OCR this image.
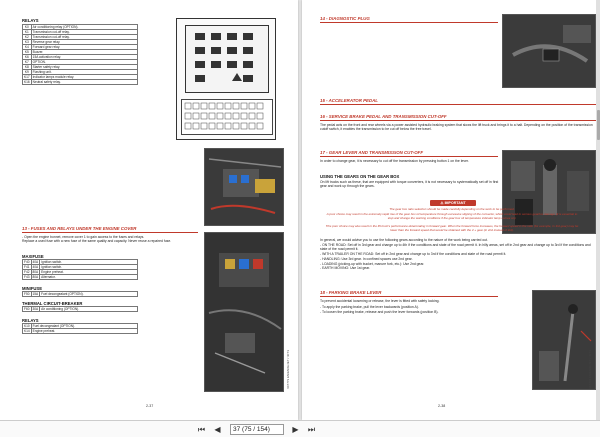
RELAYS
K0	Air conditioning relay (OPTION).
K1	Transmission cut-off relay.
K2	Transmission cut-off relay.
K3	Reverse gear relay.
K4	Forward gear relay.
K5	Buzzer.
K6	15A activation relay.
K7	OPTION.
K8	Starter safety relay.
K9	Flashing unit.
K17	Indicator lamps module relay.
K16	Neutral safety relay.
13 - FUSES AND RELAYS UNDER THE ENGINE COVER
- Open the engine bonnet, remove cover 1 to gain access to the fuses and relays.
Replace a used fuse with a new fuse of the same quality and capacity. Never reuse a repaired fuse.
MAXIFUSE
F40	40A	Ignition switch.
F41	40A	Ignition switch.
F42	80A	Engine preheat.
F43	80A	Alternator.
MINIFUSE
F50	15A	Fuel decongealant (OPTION).
THERMAL CIRCUIT-BREAKER
F60	30A	Air conditioning (OPTION).
RELAYS
K10	Fuel decongealant (OPTION).
K14	Engine preheat.
2-37
647773 EN/EN/G/JET / 4FT3
14 - DIAGNOSTIC PLUG
15 - ACCELERATOR PEDAL
16 - SERVICE BRAKE PEDAL AND TRANSMISSION CUT-OFF
The pedal acts on the front and rear wheels via a power assisted hydraulic braking system that slows the lift truck and brings it to a halt. Depending on the position of the transmission cutoff switch, it enables the transmission to be cut off below the free travel.
17 - GEAR LEVER AND TRANSMISSION CUT-OFF
In order to change gear, it is necessary to cut off the transmission by pressing button 1 on the lever.
USING THE GEARS ON THE GEAR BOX
On lift trucks such as these, that are equipped with torque converters, it is not necessary to systematically set off in first gear and work up through the gears.
⚠ IMPORTANT
The gear box ratio selection should be made carefully depending on the work to be performed.
A poor choice may result in the extremely rapid rise of the gear box oil temperature through excessive slipping of the converter, which could lead to serious gearbox damage (it is essential to stop and change the working conditions if the gear box oil temperature indicator lamp comes on).
This poor choice may also result in the lift truck's performance deteriorating in forward gear. When the forward force increases, the forward speed in the ratio (for example, in 3rd gear) may be lower than the forward speed that would be obtained with the 4 + gear (in 2nd instead of 3rd).
In general, we would advise you to use the following gears according to the nature of the work being carried out.
- ON THE ROAD: Set off in 3rd gear and change up to 4th if the conditions and state of the road permit it. In hilly areas, set off in 2nd gear and change up to 3rd if the conditions and state of the road permit it.
- WITH A TRAILER ON THE ROAD: Set off in 2nd gear and change up to 3rd if the conditions and state of the road permit it.
- HANDLING: Use 3rd gear. In confined spaces use 2nd gear.
- LOADING (picking-up with bucket, manure fork, etc.): Use 2nd gear.
- EARTH MOVING: Use 1st gear.
18 - PARKING BRAKE LEVER
To prevent accidental loosening or release, the lever is fitted with safety locking.
- To apply the parking brake, pull the lever backwards (position A).
- To loosen the parking brake, release and push the lever forwards (position B).
2-38
647773 EN/EN/G/JET / 4FT3
⏮	◀	37 (75 / 154)	▶	⏭
